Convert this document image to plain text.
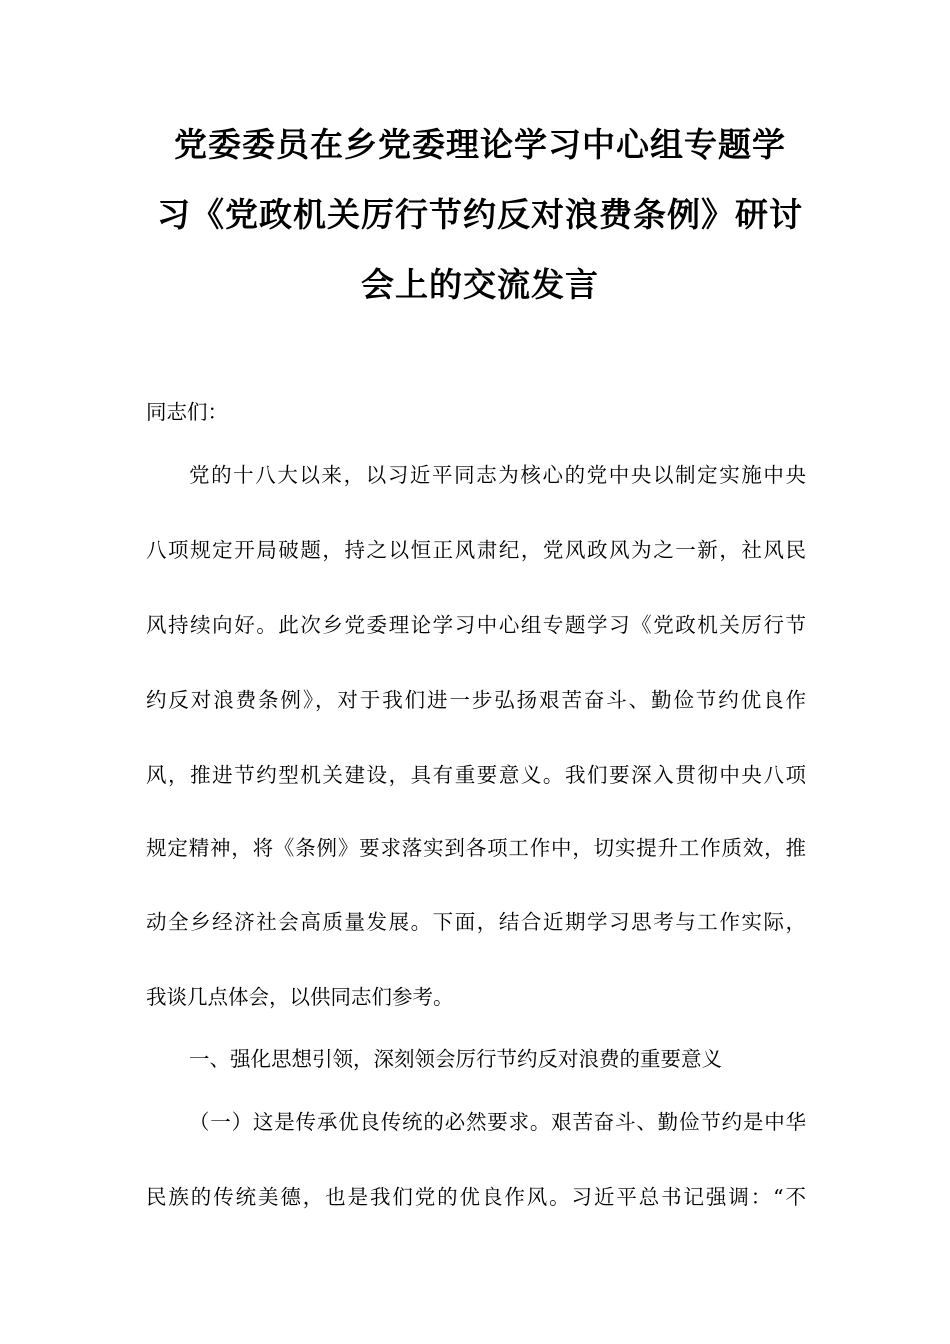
党委委员在乡党委理论学习中心组专题学
习《党政机关厉行节约反对浪费条例》研讨
会上的交流发言
同志们：
党的十八大以来，以习近平同志为核心的党中央以制定实施中央
八项规定开局破题，持之以恒正风肃纪，党风政风为之一新，社风民
风持续向好。此次乡党委理论学习中心组专题学习《党政机关厉行节
约反对浪费条例》，对于我们进一步弘扬艰苦奋斗、勤俭节约优良作
风，推进节约型机关建设，具有重要意义。我们要深入贯彻中央八项
规定精神，将《条例》要求落实到各项工作中，切实提升工作质效，推
动全乡经济社会高质量发展。下面，结合近期学习思考与工作实际，
我谈几点体会，以供同志们参考。
一、强化思想引领，深刻领会厉行节约反对浪费的重要意义
（一）这是传承优良传统的必然要求。艰苦奋斗、勤俭节约是中华
民族的传统美德，也是我们党的优良作风。习近平总书记强调：“不
